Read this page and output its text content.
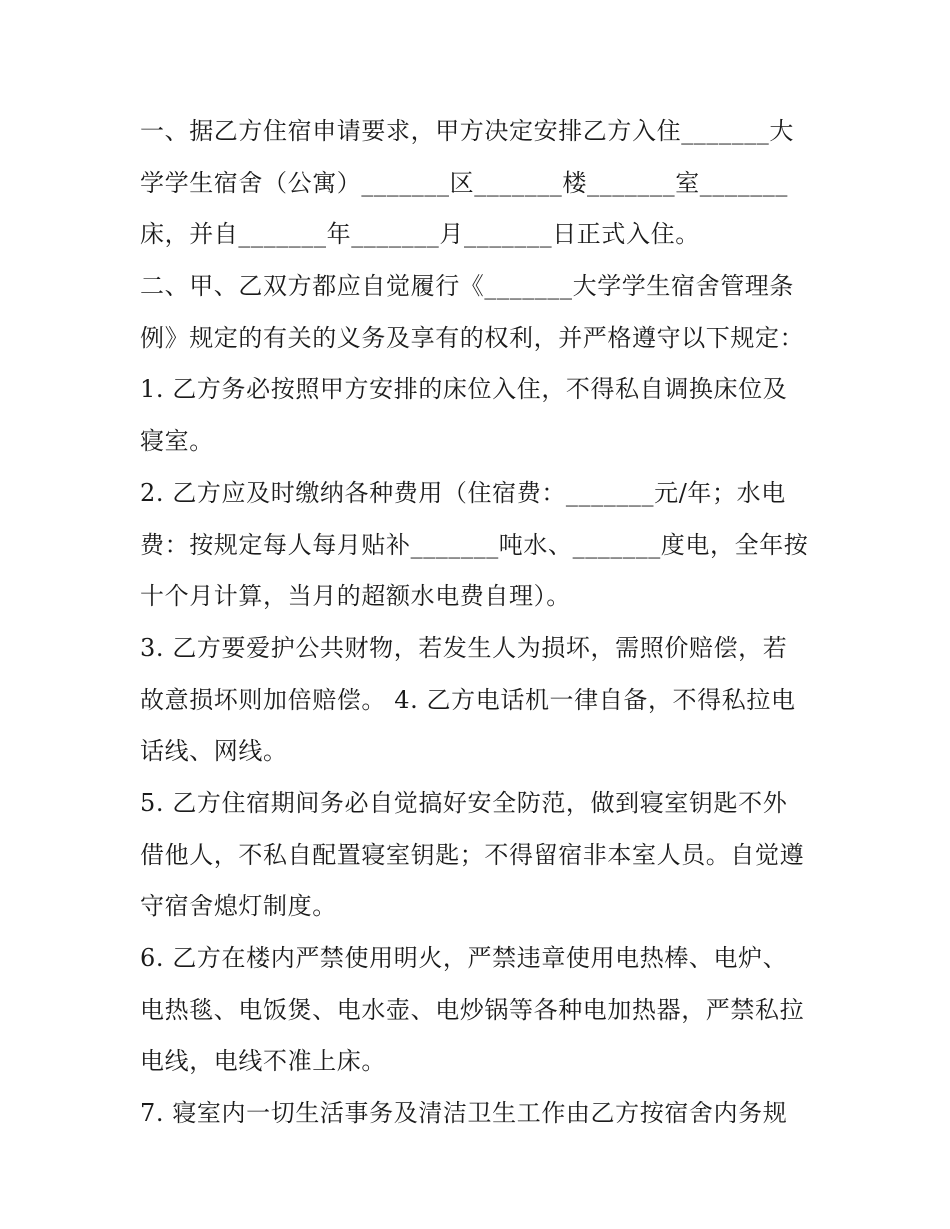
一、据乙方住宿申请要求，甲方决定安排乙方入住_______大
学学生宿舍（公寓）_______区_______楼_______室_______
床，并自_______年_______月_______日正式入住。
二、甲、乙双方都应自觉履行《_______大学学生宿舍管理条
例》规定的有关的义务及享有的权利，并严格遵守以下规定：
1. 乙方务必按照甲方安排的床位入住，不得私自调换床位及
寝室。
2. 乙方应及时缴纳各种费用（住宿费：_______元/年；水电
费：按规定每人每月贴补_______吨水、_______度电，全年按
十个月计算，当月的超额水电费自理）。
3. 乙方要爱护公共财物，若发生人为损坏，需照价赔偿，若
故意损坏则加倍赔偿。 4. 乙方电话机一律自备，不得私拉电
话线、网线。
5. 乙方住宿期间务必自觉搞好安全防范，做到寝室钥匙不外
借他人，不私自配置寝室钥匙；不得留宿非本室人员。自觉遵
守宿舍熄灯制度。
6. 乙方在楼内严禁使用明火，严禁违章使用电热棒、电炉、
电热毯、电饭煲、电水壶、电炒锅等各种电加热器，严禁私拉
电线，电线不准上床。
7. 寝室内一切生活事务及清洁卫生工作由乙方按宿舍内务规
